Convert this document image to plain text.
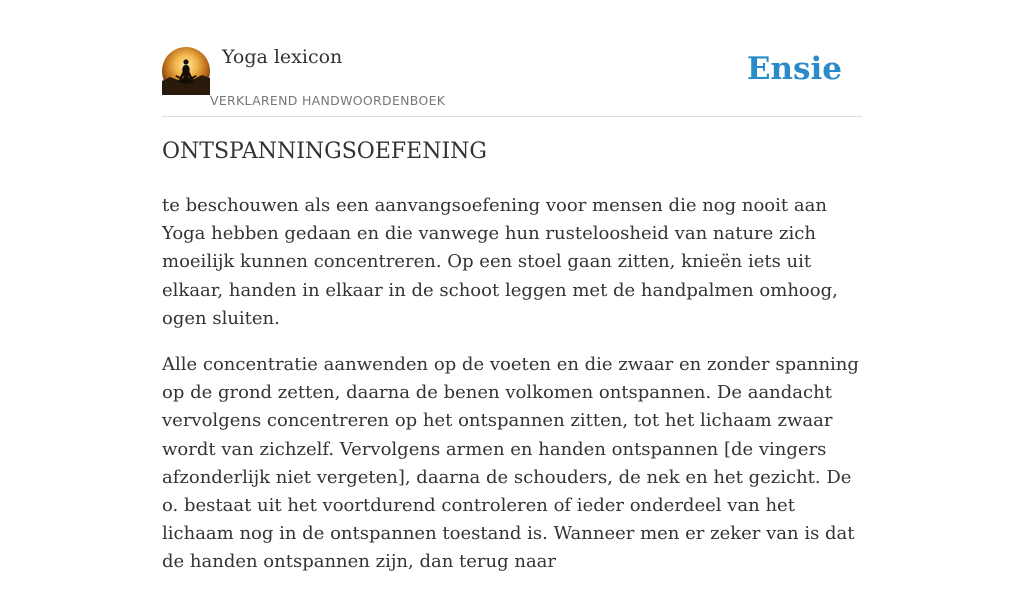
Yoga lexicon
VERKLAREND HANDWOORDENBOEK
Ensie
ONTSPANNINGSOEFENING

te beschouwen als een aanvangsoefening voor mensen die nog nooit aan Yoga hebben gedaan en die vanwege hun rusteloosheid van nature zich moeilijk kunnen concentreren. Op een stoel gaan zitten, knieën iets uit elkaar, handen in elkaar in de schoot leggen met de handpalmen omhoog, ogen sluiten.

Alle concentratie aanwenden op de voeten en die zwaar en zonder spanning op de grond zetten, daarna de benen volkomen ontspannen. De aandacht vervolgens concentreren op het ontspannen zitten, tot het lichaam zwaar wordt van zichzelf. Vervolgens armen en handen ontspannen [de vingers afzonderlijk niet vergeten], daarna de schouders, de nek en het gezicht. De o. bestaat uit het voortdurend controleren of ieder onderdeel van het lichaam nog in de ontspannen toestand is. Wanneer men er zeker van is dat de handen ontspannen zijn, dan terug naar
